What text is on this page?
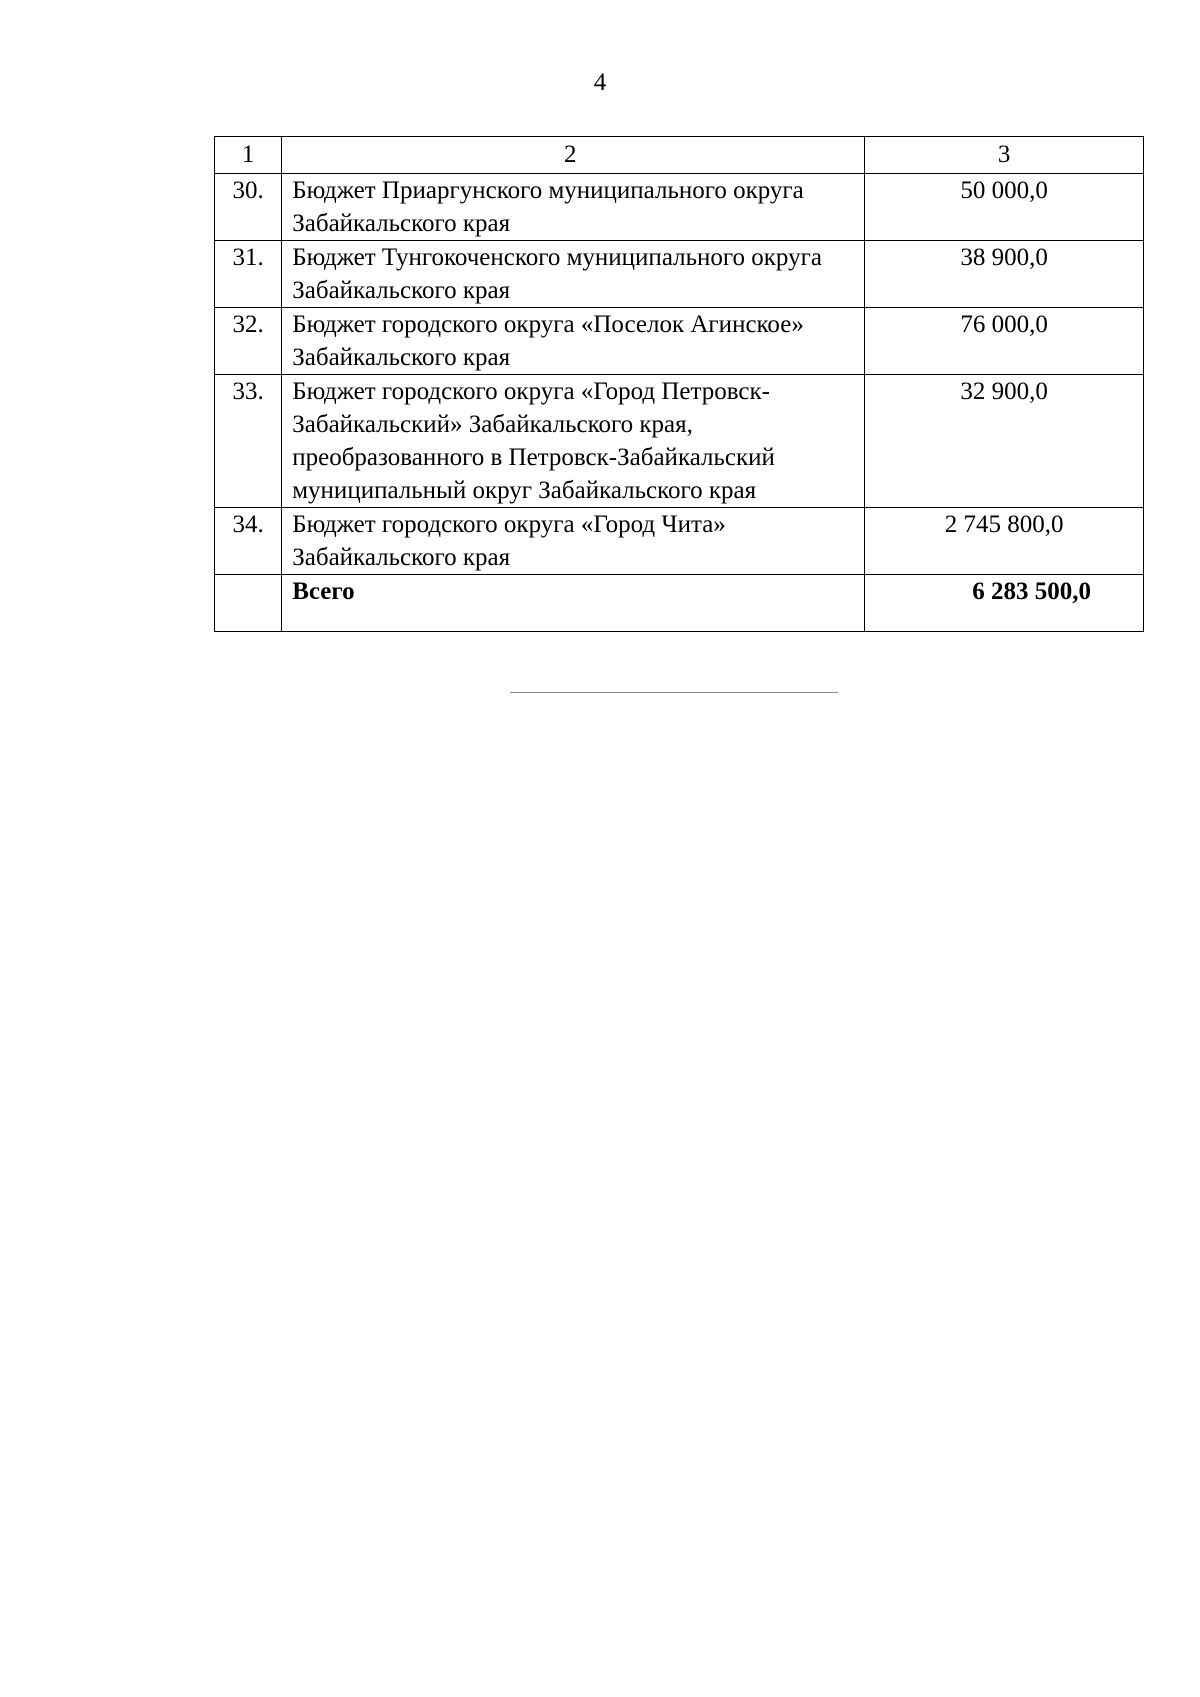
4
1	2	3
30.	Бюджет Приаргунского муниципального округа Забайкальского края	50 000,0
31.	Бюджет Тунгокоченского муниципального округа Забайкальского края	38 900,0
32.	Бюджет городского округа «Поселок Агинское» Забайкальского края	76 000,0
33.	Бюджет городского округа «Город Петровск-Забайкальский» Забайкальского края, преобразованного в Петровск-Забайкальский муниципальный округ Забайкальского края	32 900,0
34.	Бюджет городского округа «Город Чита» Забайкальского края	2 745 800,0
	Всего	6 283 500,0
